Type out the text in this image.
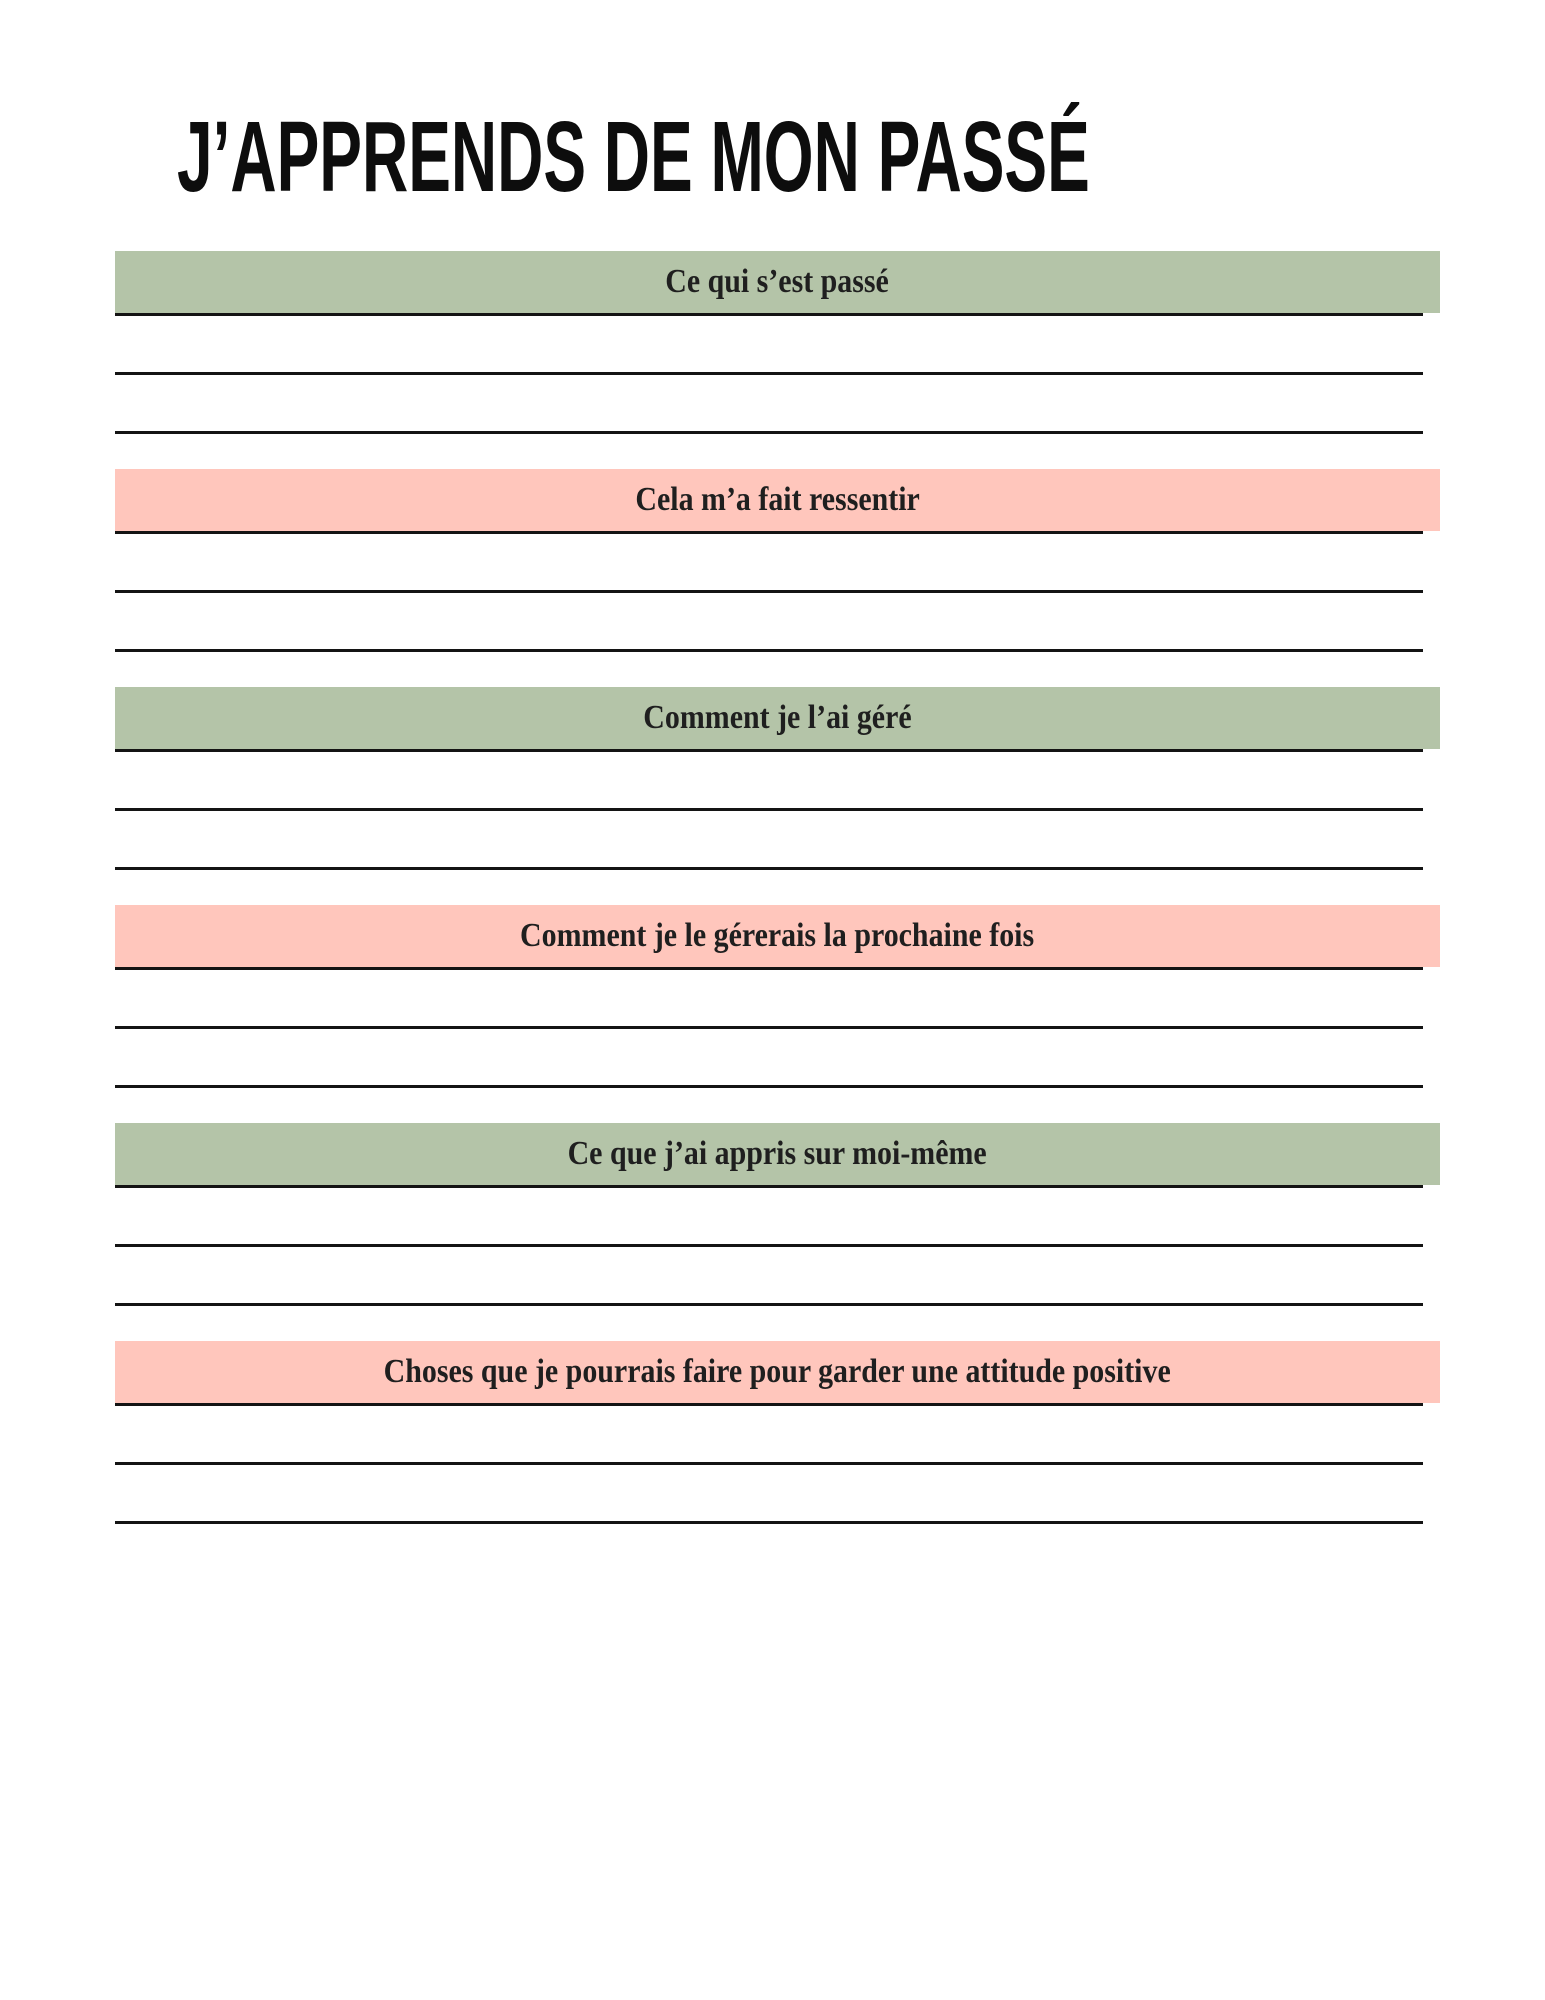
J’APPRENDS DE MON PASSÉ
Ce qui s’est passé
Cela m’a fait ressentir
Comment je l’ai géré
Comment je le gérerais la prochaine fois
Ce que j’ai appris sur moi-même
Choses que je pourrais faire pour garder une attitude positive
